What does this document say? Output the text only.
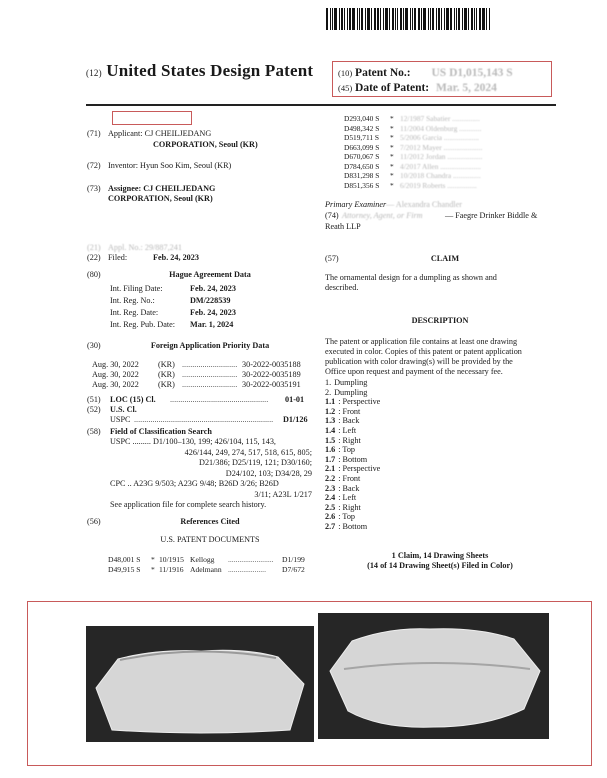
(12) United States Design Patent	(10) Patent No.: US D1,015,143 S
(45) Date of Patent: Mar. 5, 2024
(71) Applicant: CJ CHEILJEDANG
CORPORATION, Seoul (KR)
(72) Inventor: Hyun Soo Kim, Seoul (KR)
(73) Assignee: CJ CHEILJEDANG
CORPORATION, Seoul (KR)
(21) Appl. No.: 29/887,241
(22) Filed:	Feb. 24, 2023
(80)	Hague Agreement Data
Int. Filing Date:	Feb. 24, 2023
Int. Reg. No.:	DM/228539
Int. Reg. Date:	Feb. 24, 2023
Int. Reg. Pub. Date: Mar. 1, 2024
(30)	Foreign Application Priority Data
Aug. 30, 2022 (KR) ........................... 30-2022-0035188
Aug. 30, 2022 (KR) ........................... 30-2022-0035189
Aug. 30, 2022 (KR) ........................... 30-2022-0035191
(51) LOC (15) Cl. ................................................	01-01
(52) U.S. Cl.
USPC ....................................................................	D1/126
(58) Field of Classification Search
USPC ......... D1/100–130, 199; 426/104, 115, 143,
426/144, 249, 274, 517, 518, 615, 805;
D21/386; D25/119, 121; D30/160;
D24/102, 103; D34/28, 29
CPC .. A23G 9/503; A23G 9/48; B26D 3/26; B26D
3/11; A23L 1/217
See application file for complete search history.
(56)	References Cited
U.S. PATENT DOCUMENTS
D48,001 S * 10/1915 Kellogg ........................	D1/199
D49,915 S * 11/1916 Adelmann ....................	D7/672
D293,040 S * 12/1987 Sabatier ...............
D498,342 S * 11/2004 Oldenburg ............
D519,711 S * 5/2006 Garcia ...................
D663,099 S * 7/2012 Mayer .....................
D670,067 S * 11/2012 Jordan ...................
D784,650 S * 4/2017 Allen ......................
D831,298 S * 10/2018 Chandra ...............
D851,356 S * 6/2019 Roberts ................
Primary Examiner — Alexandra Chandler
(74) Attorney, Agent, or Firm	— Faegre Drinker Biddle &
Reath LLP
(57)	CLAIM
The ornamental design for a dumpling as shown and
described.
DESCRIPTION
The patent or application file contains at least one drawing
executed in color. Copies of this patent or patent application
publication with color drawing(s) will be provided by the
Office upon request and payment of the necessary fee.
1. Dumpling
2. Dumpling
1.1 : Perspective
1.2 : Front
1.3 : Back
1.4 : Left
1.5 : Right
1.6 : Top
1.7 : Bottom
2.1 : Perspective
2.2 : Front
2.3 : Back
2.4 : Left
2.5 : Right
2.6 : Top
2.7 : Bottom
1 Claim, 14 Drawing Sheets
(14 of 14 Drawing Sheet(s) Filed in Color)
